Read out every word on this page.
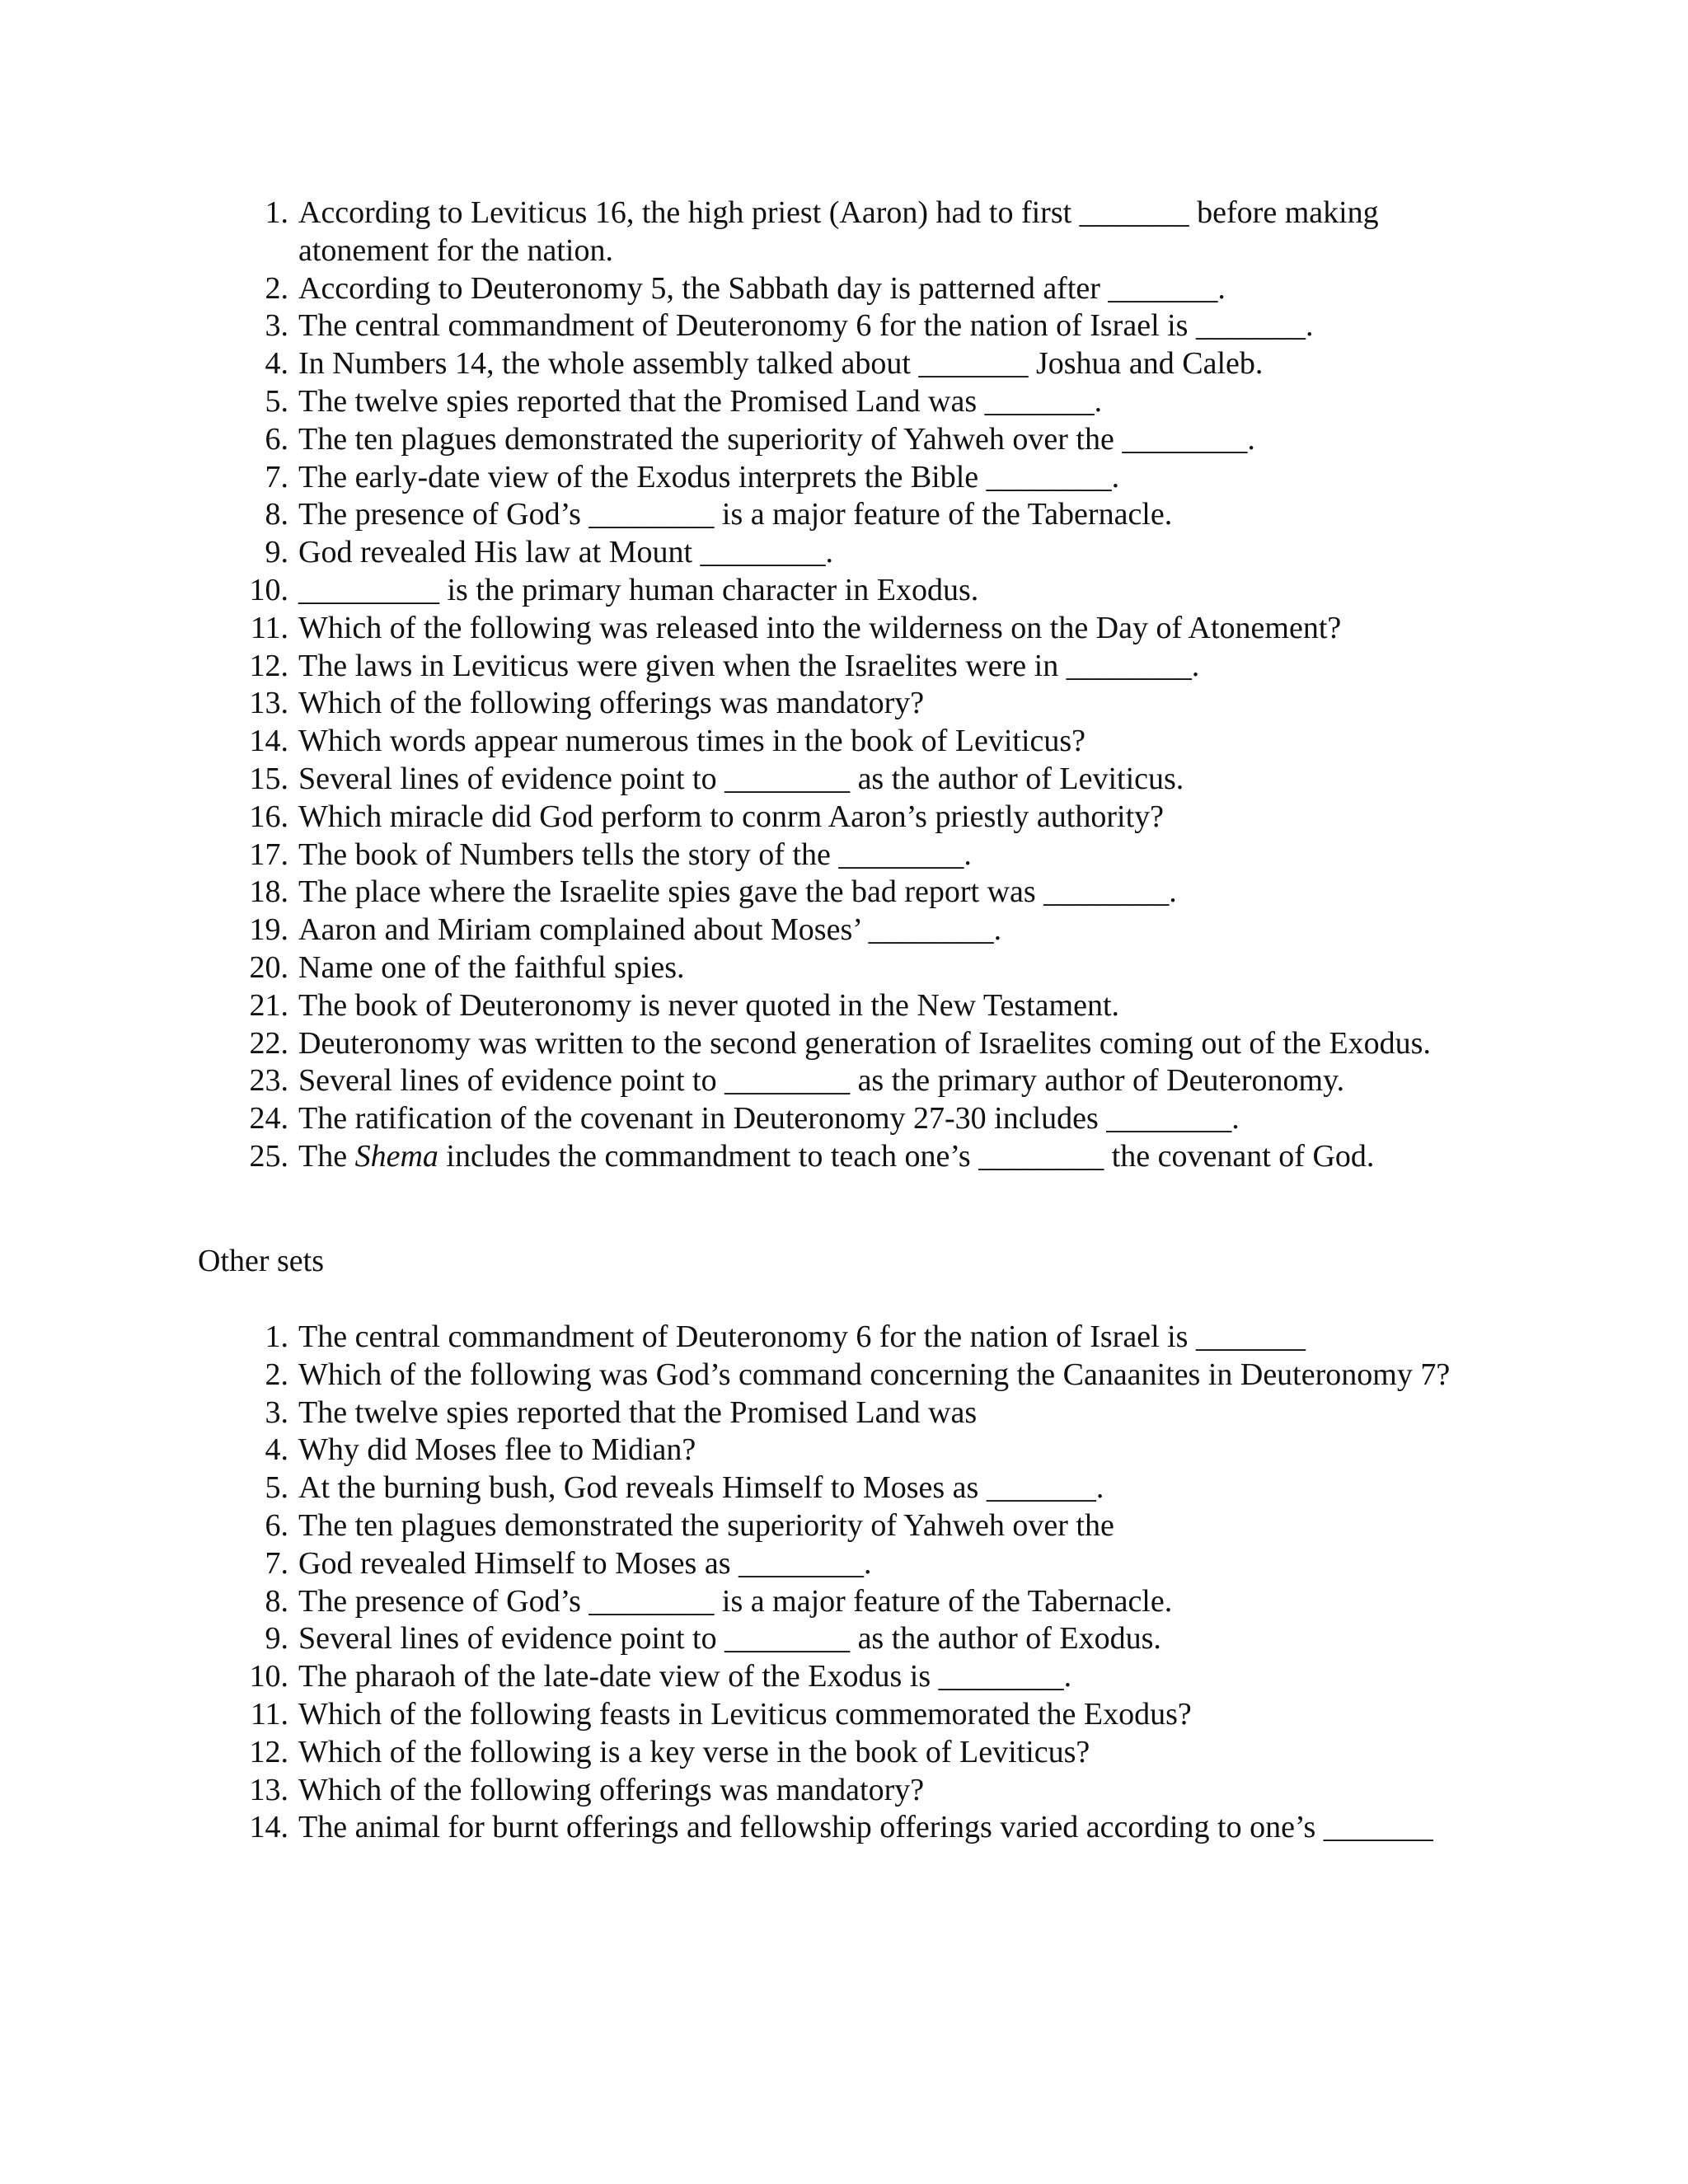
1. According to Leviticus 16, the high priest (Aaron) had to first _______ before making atonement for the nation.
2. According to Deuteronomy 5, the Sabbath day is patterned after _______.
3. The central commandment of Deuteronomy 6 for the nation of Israel is _______.
4. In Numbers 14, the whole assembly talked about _______ Joshua and Caleb.
5. The twelve spies reported that the Promised Land was _______.
6. The ten plagues demonstrated the superiority of Yahweh over the ________.
7. The early-date view of the Exodus interprets the Bible ________.
8. The presence of God’s ________ is a major feature of the Tabernacle.
9. God revealed His law at Mount ________.
10. _________ is the primary human character in Exodus.
11. Which of the following was released into the wilderness on the Day of Atonement?
12. The laws in Leviticus were given when the Israelites were in ________.
13. Which of the following offerings was mandatory?
14. Which words appear numerous times in the book of Leviticus?
15. Several lines of evidence point to ________ as the author of Leviticus.
16. Which miracle did God perform to conrm Aaron’s priestly authority?
17. The book of Numbers tells the story of the ________.
18. The place where the Israelite spies gave the bad report was ________.
19. Aaron and Miriam complained about Moses’ ________.
20. Name one of the faithful spies.
21. The book of Deuteronomy is never quoted in the New Testament.
22. Deuteronomy was written to the second generation of Israelites coming out of the Exodus.
23. Several lines of evidence point to ________ as the primary author of Deuteronomy.
24. The ratification of the covenant in Deuteronomy 27-30 includes ________.
25. The Shema includes the commandment to teach one’s ________ the covenant of God.
Other sets
1. The central commandment of Deuteronomy 6 for the nation of Israel is _______
2. Which of the following was God’s command concerning the Canaanites in Deuteronomy 7?
3. The twelve spies reported that the Promised Land was
4. Why did Moses flee to Midian?
5. At the burning bush, God reveals Himself to Moses as _______.
6. The ten plagues demonstrated the superiority of Yahweh over the
7. God revealed Himself to Moses as ________.
8. The presence of God’s ________ is a major feature of the Tabernacle.
9. Several lines of evidence point to ________ as the author of Exodus.
10. The pharaoh of the late-date view of the Exodus is ________.
11. Which of the following feasts in Leviticus commemorated the Exodus?
12. Which of the following is a key verse in the book of Leviticus?
13. Which of the following offerings was mandatory?
14. The animal for burnt offerings and fellowship offerings varied according to one’s _______
